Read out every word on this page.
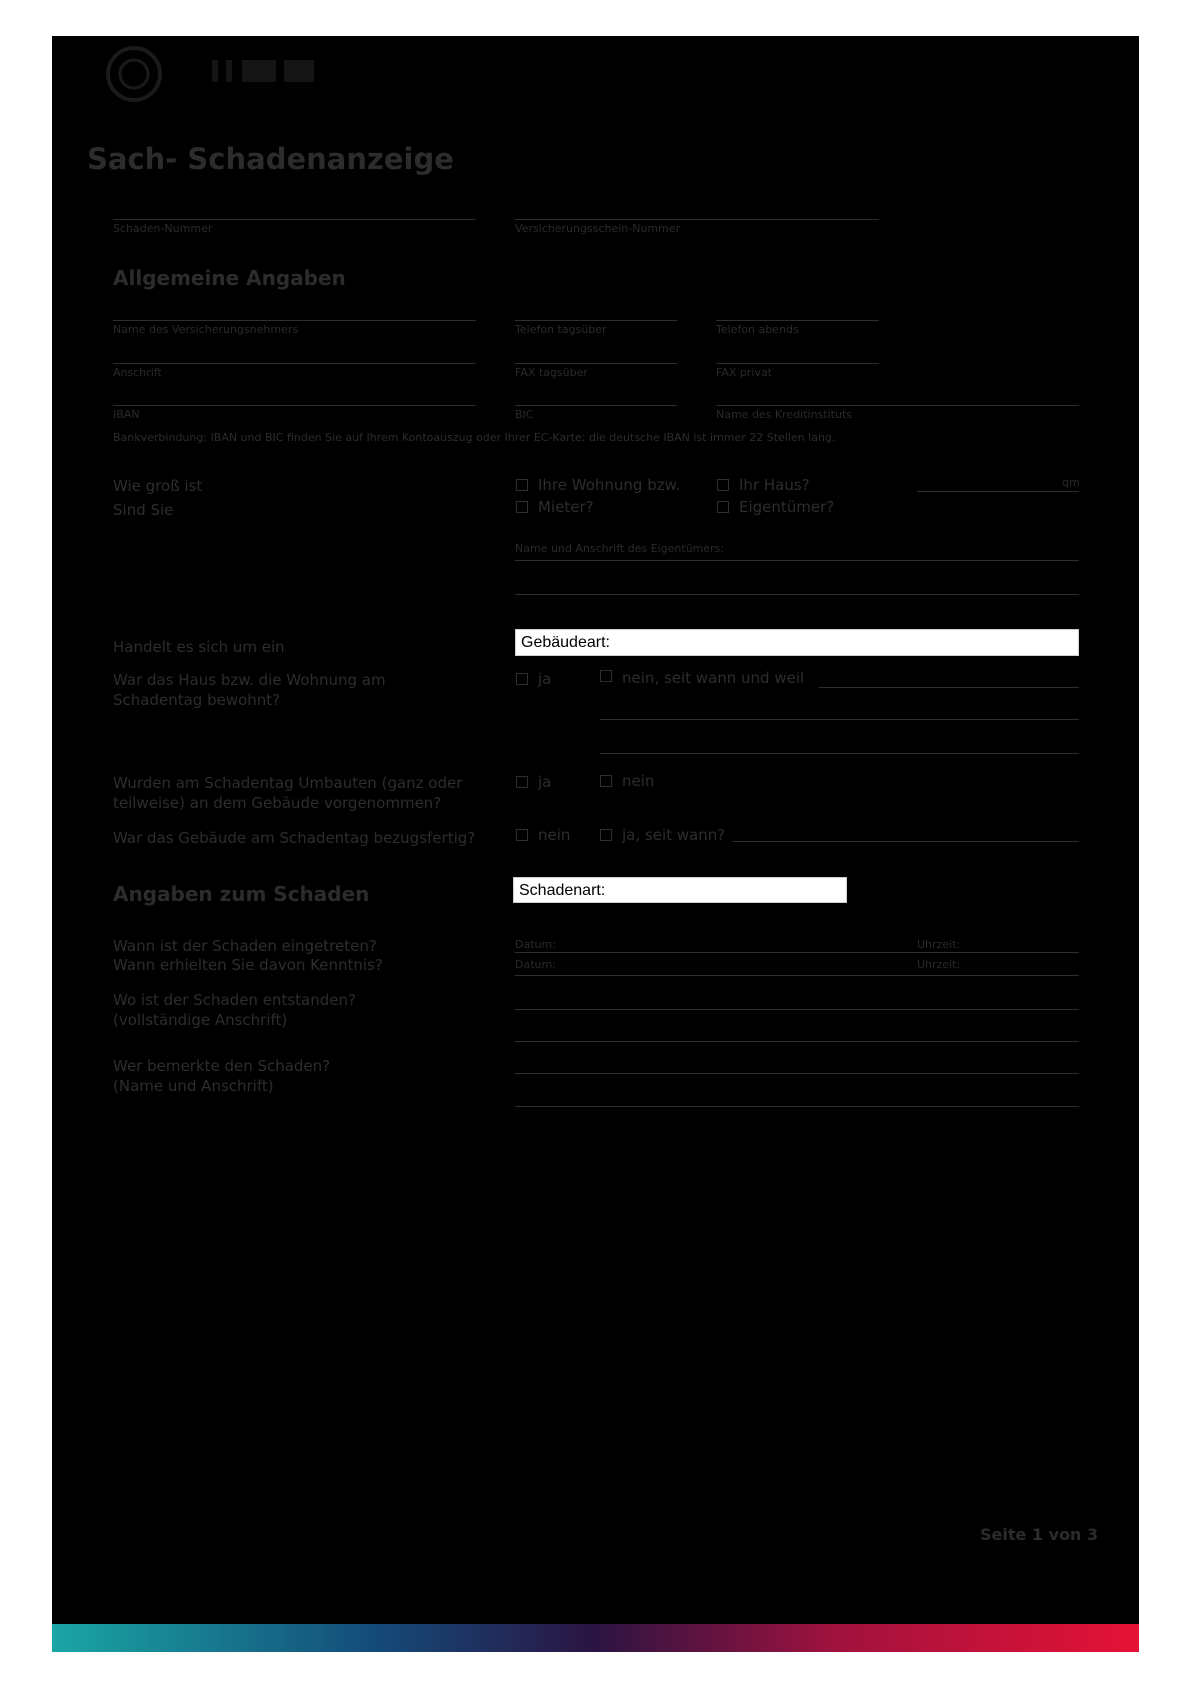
Sach- Schadenanzeige
Schaden-Nummer	Versicherungsschein-Nummer
Allgemeine Angaben
Name des Versicherungsnehmers	Telefon tagsüber	Telefon abends
Anschrift	FAX tagsüber	FAX privat
IBAN	BIC	Name des Kreditinstituts
Bankverbindung: IBAN und BIC finden Sie auf Ihrem Kontoauszug oder Ihrer EC-Karte; die deutsche IBAN ist immer 22 Stellen lang.
Wie groß ist
Sind Sie
Ihre Wohnung bzw.	Ihr Haus?	qm
Mieter?	Eigentümer?
Name und Anschrift des Eigentümers:
Handelt es sich um ein	Gebäudeart:
War das Haus bzw. die Wohnung am
Schadentag bewohnt?
ja	nein, seit wann und weil
Wurden am Schadentag Umbauten (ganz oder
teilweise) an dem Gebäude vorgenommen?
ja	nein
War das Gebäude am Schadentag bezugsfertig?	nein	ja, seit wann?
Angaben zum Schaden	Schadenart:
Wann ist der Schaden eingetreten?
Wann erhielten Sie davon Kenntnis?
Datum:	Uhrzeit:
Datum:	Uhrzeit:
Wo ist der Schaden entstanden?
(vollständige Anschrift)
Wer bemerkte den Schaden?
(Name und Anschrift)
Seite 1 von 3
